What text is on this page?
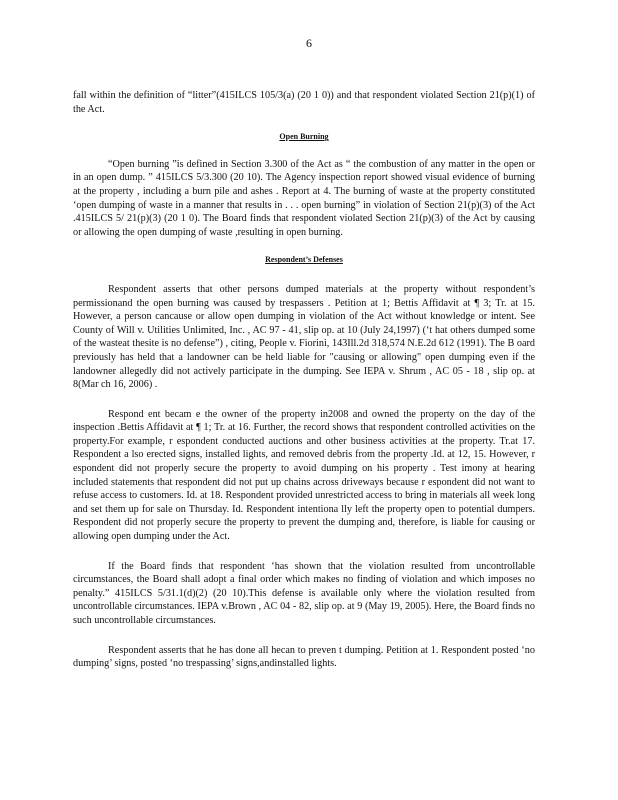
6

fall within the definition of “litter”(415ILCS 105/3(a) (20 1 0)) and that respondent violated Section 21(p)(1) of the Act.

Open Burning

“Open burning ”is defined in Section 3.300 of the Act as “ the combustion of any matter in the open or in an open dump. ” 415ILCS 5/3.300 (20 10). The Agency inspection report showed visual evidence of burning at the property , including a burn pile and ashes . Report at 4. The burning of waste at the property constituted ‘open dumping of waste in a manner that results in . . . open burning” in violation of Section 21(p)(3) of the Act .415ILCS 5/ 21(p)(3) (20 1 0). The Board finds that respondent violated Section 21(p)(3) of the Act by causing or allowing the open dumping of waste ,resulting in open burning.

Respondent’s Defenses

Respondent asserts that other persons dumped materials at the property without respondent’s permissionand the open burning was caused by trespassers . Petition at 1; Bettis Affidavit at ¶ 3; Tr. at 15. However, a person cancause or allow open dumping in violation of the Act without knowledge or intent. See County of Will v. Utilities Unlimited, Inc. , AC 97 - 41, slip op. at 10 (July 24,1997) (‘t hat others dumped some of the wasteat thesite is no defense”) , citing, People v. Fiorini, 143Ill.2d 318,574 N.E.2d 612 (1991). The B oard previously has held that a landowner can be held liable for "causing or allowing" open dumping even if the landowner allegedly did not actively participate in the dumping. See IEPA v. Shrum , AC 05 - 18 , slip op. at 8(Mar ch 16, 2006) .

Respond ent becam e the owner of the property in2008 and owned the property on the day of the inspection .Bettis Affidavit at ¶ 1; Tr. at 16. Further, the record shows that respondent controlled activities on the property.For example, r espondent conducted auctions and other business activities at the property. Tr.at 17. Respondent a lso erected signs, installed lights, and removed debris from the property .Id. at 12, 15. However, r espondent did not properly secure the property to avoid dumping on his property . Test imony at hearing included statements that respondent did not put up chains across driveways because r espondent did not want to refuse access to customers. Id. at 18. Respondent provided unrestricted access to bring in materials all week long and set them up for sale on Thursday. Id. Respondent intentiona lly left the property open to potential dumpers. Respondent did not properly secure the property to prevent the dumping and, therefore, is liable for causing or allowing open dumping under the Act.

If the Board finds that respondent ‘has shown that the violation resulted from uncontrollable circumstances, the Board shall adopt a final order which makes no finding of violation and which imposes no penalty.” 415ILCS 5/31.1(d)(2) (20 10).This defense is available only where the violation resulted from uncontrollable circumstances. IEPA v.Brown , AC 04 - 82, slip op. at 9 (May 19, 2005). Here, the Board finds no such uncontrollable circumstances.

Respondent asserts that he has done all hecan to preven t dumping. Petition at 1. Respondent posted ‘no dumping’ signs, posted ‘no trespassing’ signs,andinstalled lights.
